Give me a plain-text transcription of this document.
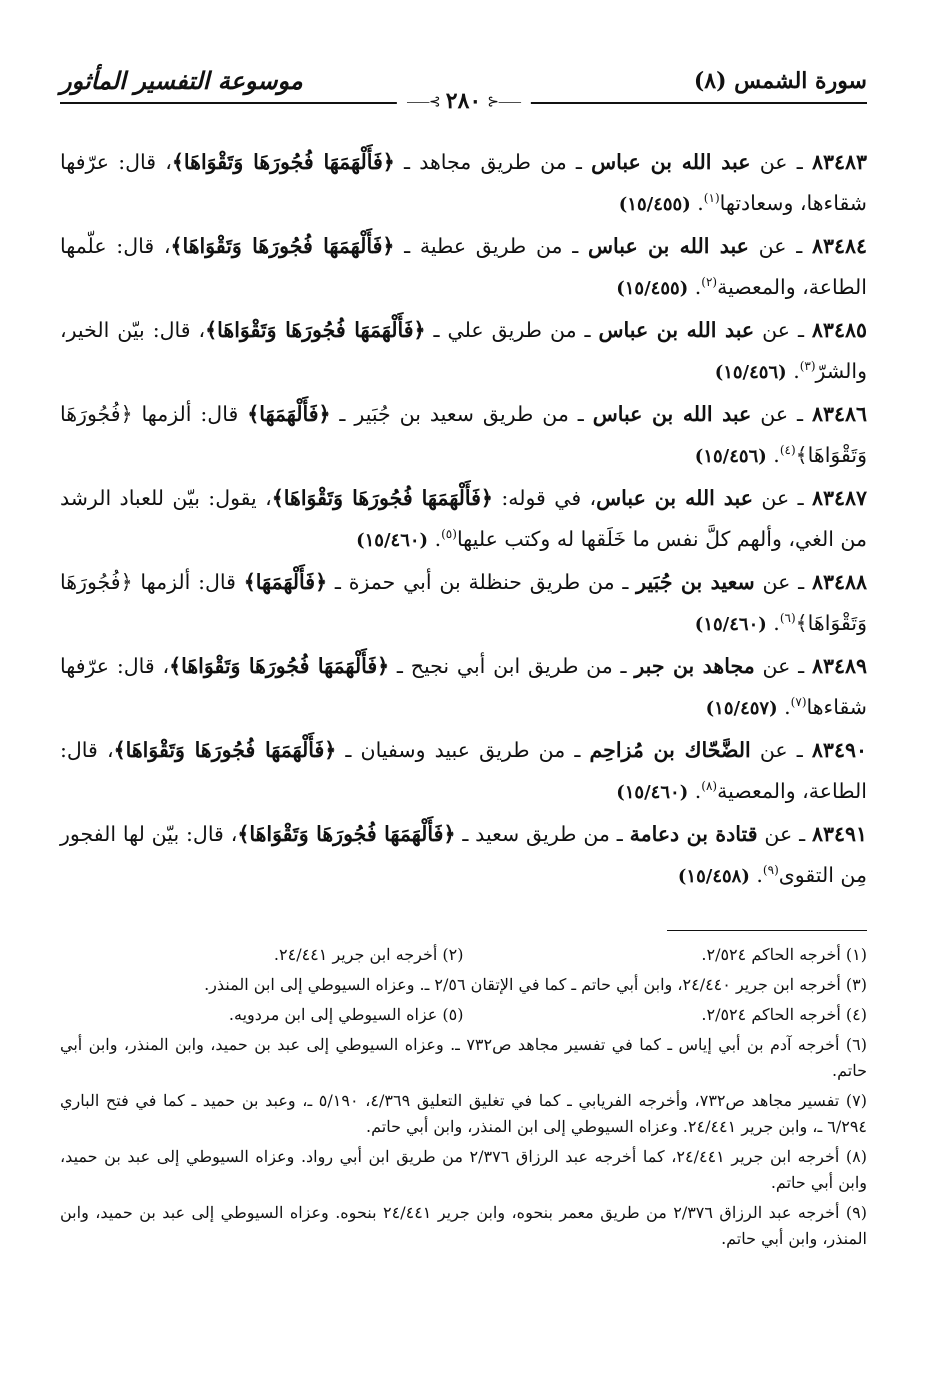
سورة الشمس (٨)
موسوعة التفسير المأثور
⸺⊰ ٢٨٠ ⊱⸺

٨٣٤٨٣ ـ عن عبد الله بن عباس ـ من طريق مجاهد ـ ﴿فَأَلْهَمَهَا فُجُورَهَا وَتَقْوَاهَا﴾، قال: عرّفها شقاءها، وسعادتها$^{(١)}$. (١٥/٤٥٥)

٨٣٤٨٤ ـ عن عبد الله بن عباس ـ من طريق عطية ـ ﴿فَأَلْهَمَهَا فُجُورَهَا وَتَقْوَاهَا﴾، قال: علّمها الطاعة، والمعصية$^{(٢)}$. (١٥/٤٥٥)

٨٣٤٨٥ ـ عن عبد الله بن عباس ـ من طريق علي ـ ﴿فَأَلْهَمَهَا فُجُورَهَا وَتَقْوَاهَا﴾، قال: بيّن الخير، والشرّ$^{(٣)}$. (١٥/٤٥٦)

٨٣٤٨٦ ـ عن عبد الله بن عباس ـ من طريق سعيد بن جُبَير ـ ﴿فَأَلْهَمَهَا﴾ قال: ألزمها ﴿فُجُورَهَا وَتَقْوَاهَا﴾$^{(٤)}$. (١٥/٤٥٦)

٨٣٤٨٧ ـ عن عبد الله بن عباس، في قوله: ﴿فَأَلْهَمَهَا فُجُورَهَا وَتَقْوَاهَا﴾، يقول: بيّن للعباد الرشد من الغي، وألهم كلَّ نفس ما خَلَقها له وكتب عليها$^{(٥)}$. (١٥/٤٦٠)

٨٣٤٨٨ ـ عن سعيد بن جُبَير ـ من طريق حنظلة بن أبي حمزة ـ ﴿فَأَلْهَمَهَا﴾ قال: ألزمها ﴿فُجُورَهَا وَتَقْوَاهَا﴾$^{(٦)}$. (١٥/٤٦٠)

٨٣٤٨٩ ـ عن مجاهد بن جبر ـ من طريق ابن أبي نجيح ـ ﴿فَأَلْهَمَهَا فُجُورَهَا وَتَقْوَاهَا﴾، قال: عرّفها شقاءها$^{(٧)}$. (١٥/٤٥٧)

٨٣٤٩٠ ـ عن الضَّحّاك بن مُزاحِم ـ من طريق عبيد وسفيان ـ ﴿فَأَلْهَمَهَا فُجُورَهَا وَتَقْوَاهَا﴾، قال: الطاعة، والمعصية$^{(٨)}$. (١٥/٤٦٠)

٨٣٤٩١ ـ عن قتادة بن دعامة ـ من طريق سعيد ـ ﴿فَأَلْهَمَهَا فُجُورَهَا وَتَقْوَاهَا﴾، قال: بيّن لها الفجور مِن التقوى$^{(٩)}$. (١٥/٤٥٨)

(١) أخرجه الحاكم ٢/٥٢٤.
(٢) أخرجه ابن جرير ٢٤/٤٤١.

(٣) أخرجه ابن جرير ٢٤/٤٤٠، وابن أبي حاتم ـ كما في الإتقان ٢/٥٦ ـ. وعزاه السيوطي إلى ابن المنذر.

(٤) أخرجه الحاكم ٢/٥٢٤.
(٥) عزاه السيوطي إلى ابن مردويه.

(٦) أخرجه آدم بن أبي إياس ـ كما في تفسير مجاهد ص٧٣٢ ـ. وعزاه السيوطي إلى عبد بن حميد، وابن المنذر، وابن أبي حاتم.

(٧) تفسير مجاهد ص٧٣٢، وأخرجه الفريابي ـ كما في تغليق التعليق ٤/٣٦٩، ٥/١٩٠ ـ، وعبد بن حميد ـ كما في فتح الباري ٦/٢٩٤ ـ، وابن جرير ٢٤/٤٤١. وعزاه السيوطي إلى ابن المنذر، وابن أبي حاتم.

(٨) أخرجه ابن جرير ٢٤/٤٤١، كما أخرجه عبد الرزاق ٢/٣٧٦ من طريق ابن أبي رواد. وعزاه السيوطي إلى عبد بن حميد، وابن أبي حاتم.

(٩) أخرجه عبد الرزاق ٢/٣٧٦ من طريق معمر بنحوه، وابن جرير ٢٤/٤٤١ بنحوه. وعزاه السيوطي إلى عبد بن حميد، وابن المنذر، وابن أبي حاتم.
